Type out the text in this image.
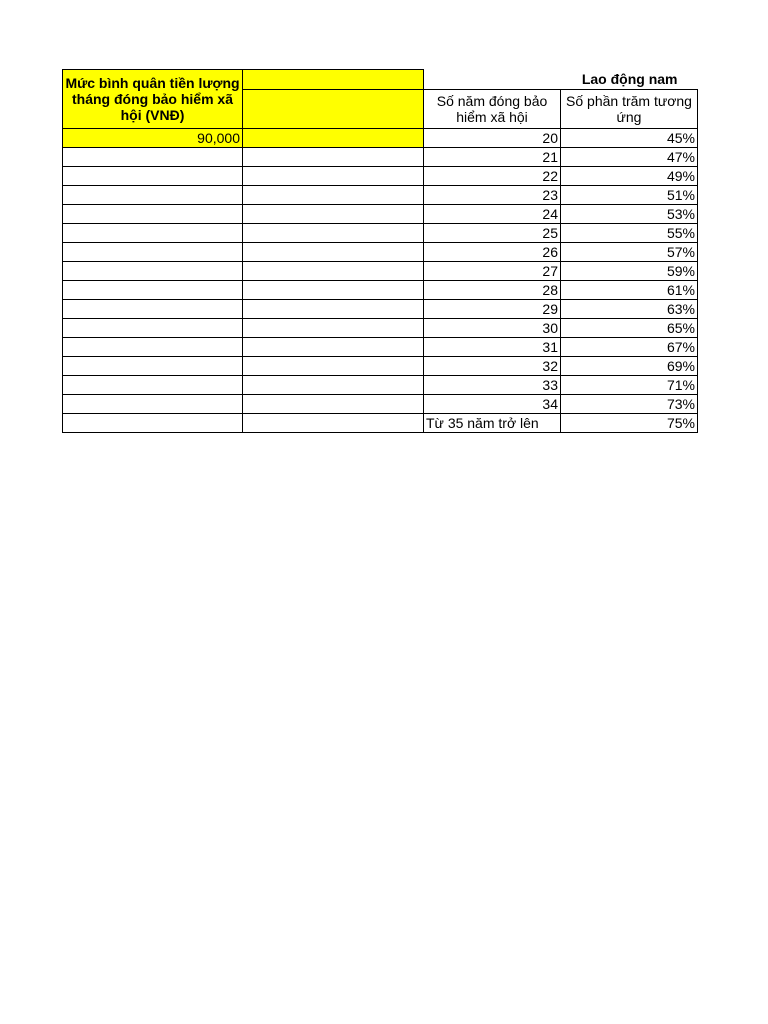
Mức bình quân tiền lượng tháng đóng bảo hiểm xã hội (VNĐ)		Lao động nam	
		Số năm đóng bảo hiểm xã hội	Số phần trăm tương ứng
90,000		20	45%
		21	47%
		22	49%
		23	51%
		24	53%
		25	55%
		26	57%
		27	59%
		28	61%
		29	63%
		30	65%
		31	67%
		32	69%
		33	71%
		34	73%
		Từ 35 năm trở lên	75%
